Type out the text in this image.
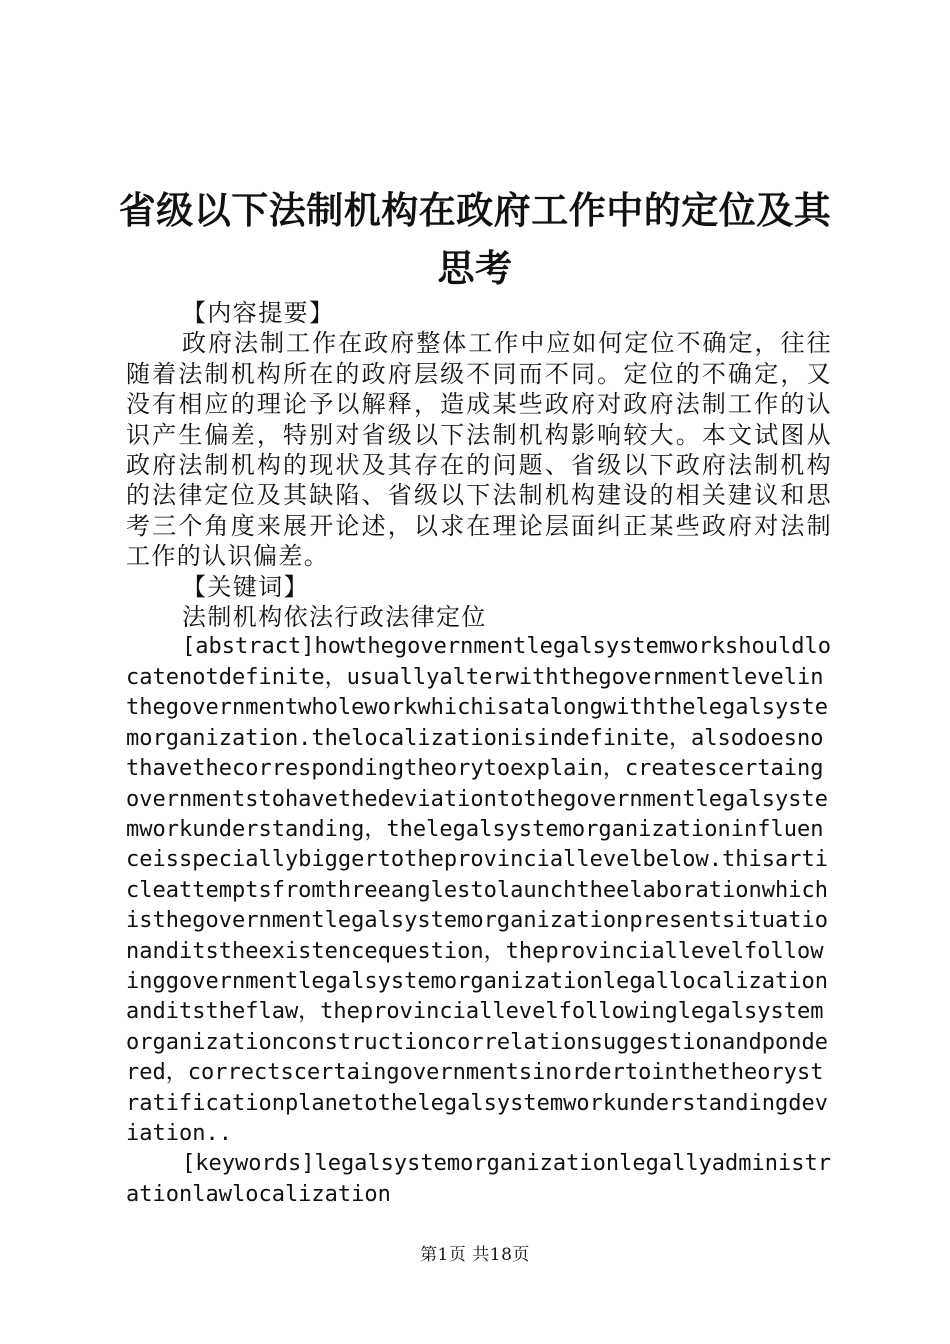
省级以下法制机构在政府工作中的定位及其思考

【内容提要】

政府法制工作在政府整体工作中应如何定位不确定，往往随着法制机构所在的政府层级不同而不同。定位的不确定，又没有相应的理论予以解释，造成某些政府对政府法制工作的认识产生偏差，特别对省级以下法制机构影响较大。本文试图从政府法制机构的现状及其存在的问题、省级以下政府法制机构的法律定位及其缺陷、省级以下法制机构建设的相关建议和思考三个角度来展开论述，以求在理论层面纠正某些政府对法制工作的认识偏差。

【关键词】

法制机构依法行政法律定位

[abstract]howthegovernmentlegalsystemworkshouldlocatenotdefinite，usuallyalterwiththegovernmentlevelinthegovernmentwholeworkwhichisatalongwiththelegalsystemorganization.thelocalizationisindefinite，alsodoesnothavethecorrespondingtheorytoexplain，createscertaingovernmentstohavethedeviationtothegovernmentlegalsystemworkunderstanding，thelegalsystemorganizationinfluenceisspeciallybiggertotheprovinciallevelbelow.thisarticleattemptsfromthreeanglestolaunchtheelaborationwhichisthegovernmentlegalsystemorganizationpresentsituationanditstheexistencequestion，theprovinciallevelfollowinggovernmentlegalsystemorganizationlegallocalizationanditstheflaw，theprovinciallevelfollowinglegalsystemorganizationconstructioncorrelationsuggestionandpondered，correctscertaingovernmentsinordertointhetheorystratificationplanetothelegalsystemworkunderstandingdeviation..

[keywords]legalsystemorganizationlegallyadministrationlawlocalization

第1页 共18页
